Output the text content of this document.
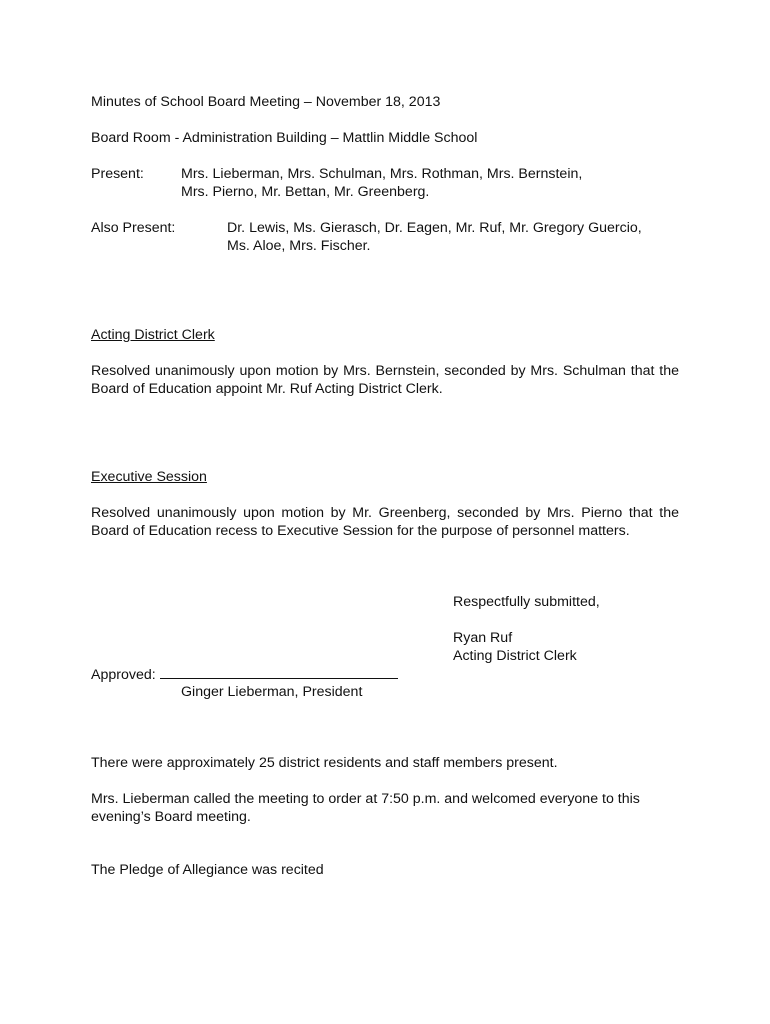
Minutes of School Board Meeting – November 18, 2013
Board Room - Administration Building – Mattlin Middle School
Present:	Mrs. Lieberman, Mrs. Schulman, Mrs. Rothman, Mrs. Bernstein,
Mrs. Pierno, Mr. Bettan, Mr. Greenberg.
Also Present:	Dr. Lewis, Ms. Gierasch, Dr. Eagen, Mr. Ruf, Mr. Gregory Guercio,
Ms. Aloe, Mrs. Fischer.
Acting District Clerk
Resolved unanimously upon motion by Mrs. Bernstein, seconded by Mrs. Schulman that the Board of Education appoint Mr. Ruf Acting District Clerk.
Executive Session
Resolved unanimously upon motion by Mr. Greenberg, seconded by Mrs. Pierno that the Board of Education recess to Executive Session for the purpose of personnel matters.
Respectfully submitted,
Ryan Ruf
Acting District Clerk
Approved:
Ginger Lieberman, President
There were approximately 25 district residents and staff members present.
Mrs. Lieberman called the meeting to order at 7:50 p.m. and welcomed everyone to this evening’s Board meeting.
The Pledge of Allegiance was recited
